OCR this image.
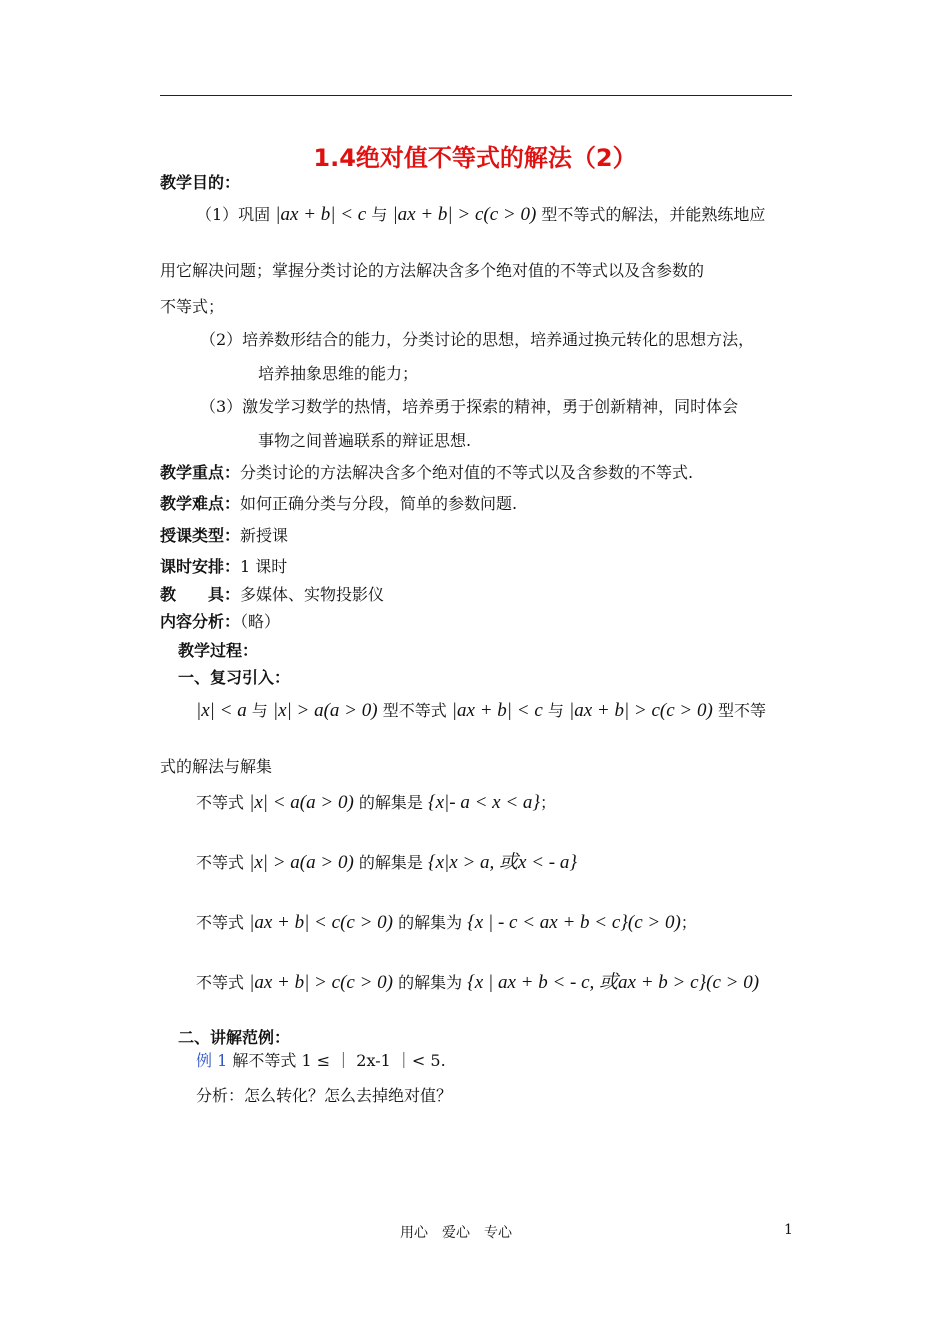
1.4绝对值不等式的解法（2）
教学目的：
（1）巩固 |ax + b| < c 与 |ax + b| > c(c > 0) 型不等式的解法，并能熟练地应
用它解决问题；掌握分类讨论的方法解决含多个绝对值的不等式以及含参数的
不等式；
（2）培养数形结合的能力，分类讨论的思想，培养通过换元转化的思想方法，
培养抽象思维的能力；
（3）激发学习数学的热情，培养勇于探索的精神，勇于创新精神，同时体会
事物之间普遍联系的辩证思想.
教学重点：分类讨论的方法解决含多个绝对值的不等式以及含参数的不等式.
教学难点：如何正确分类与分段，简单的参数问题.
授课类型：新授课
课时安排：1 课时
教　　具：多媒体、实物投影仪
内容分析：（略）
教学过程：
一、复习引入：
|x| < a 与 |x| > a(a > 0) 型不等式 |ax + b| < c 与 |ax + b| > c(c > 0) 型不等
式的解法与解集
不等式 |x| < a(a > 0) 的解集是 {x|- a < x < a}；
不等式 |x| > a(a > 0) 的解集是 {x|x > a, 或x < - a}
不等式 |ax + b| < c(c > 0) 的解集为 {x | - c < ax + b < c}(c > 0)；
不等式 |ax + b| > c(c > 0) 的解集为 {x | ax + b < - c, 或ax + b > c}(c > 0)
二、讲解范例：
例 1 解不等式 1 ≤ ｜ 2x-1 ｜< 5.
分析：怎么转化？怎么去掉绝对值？
用心　爱心　专心	1
